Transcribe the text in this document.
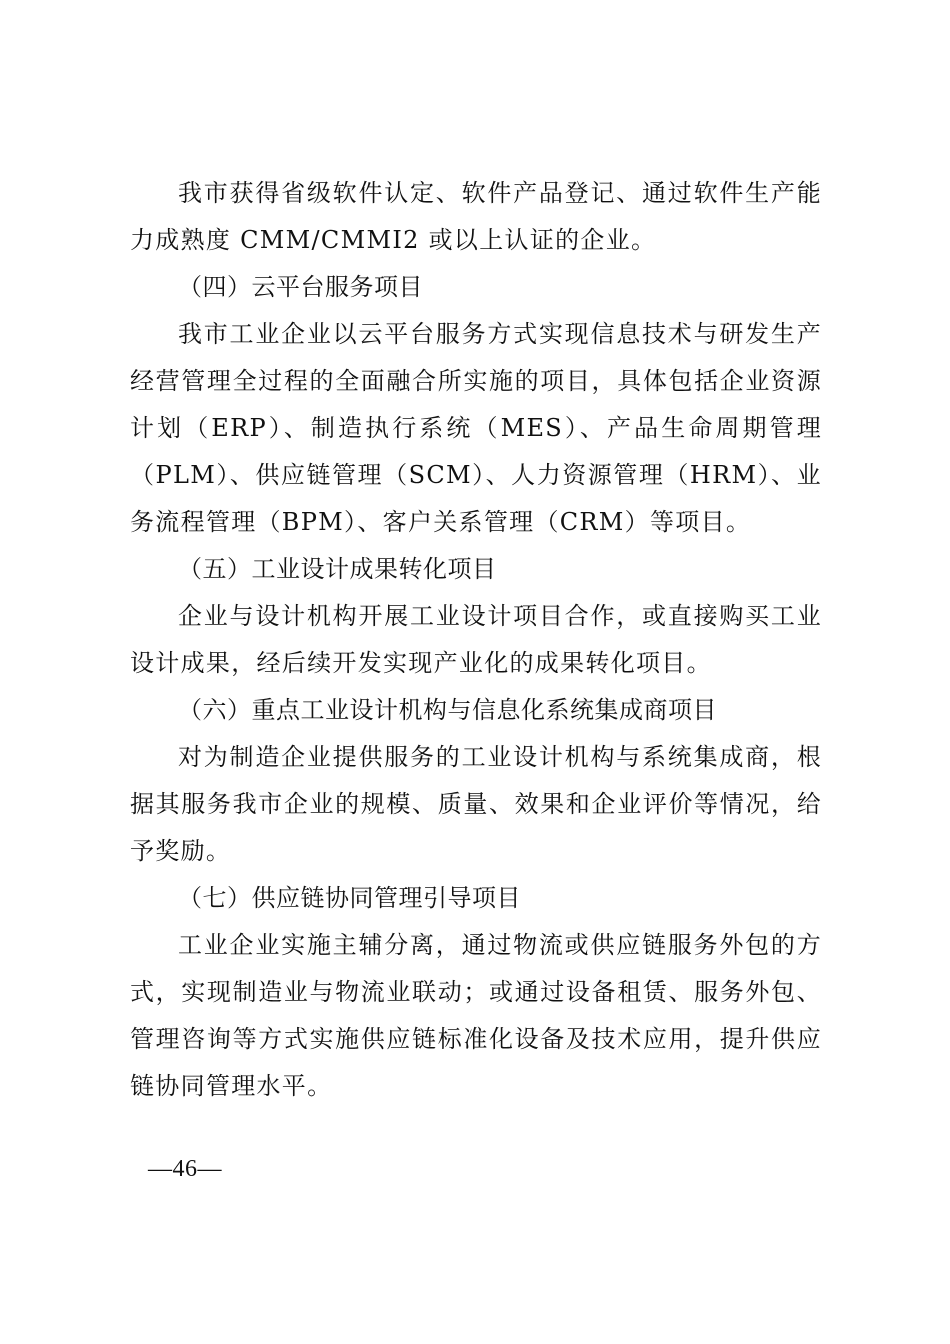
我市获得省级软件认定、软件产品登记、通过软件生产能力成熟度 CMM/CMMI2 或以上认证的企业。

（四）云平台服务项目

我市工业企业以云平台服务方式实现信息技术与研发生产经营管理全过程的全面融合所实施的项目，具体包括企业资源计划（ERP）、制造执行系统（MES）、产品生命周期管理（PLM）、供应链管理（SCM）、人力资源管理（HRM）、业务流程管理（BPM）、客户关系管理（CRM）等项目。

（五）工业设计成果转化项目

企业与设计机构开展工业设计项目合作，或直接购买工业设计成果，经后续开发实现产业化的成果转化项目。

（六）重点工业设计机构与信息化系统集成商项目

对为制造企业提供服务的工业设计机构与系统集成商，根据其服务我市企业的规模、质量、效果和企业评价等情况，给予奖励。

（七）供应链协同管理引导项目

工业企业实施主辅分离，通过物流或供应链服务外包的方式，实现制造业与物流业联动；或通过设备租赁、服务外包、管理咨询等方式实施供应链标准化设备及技术应用，提升供应链协同管理水平。

—46—
